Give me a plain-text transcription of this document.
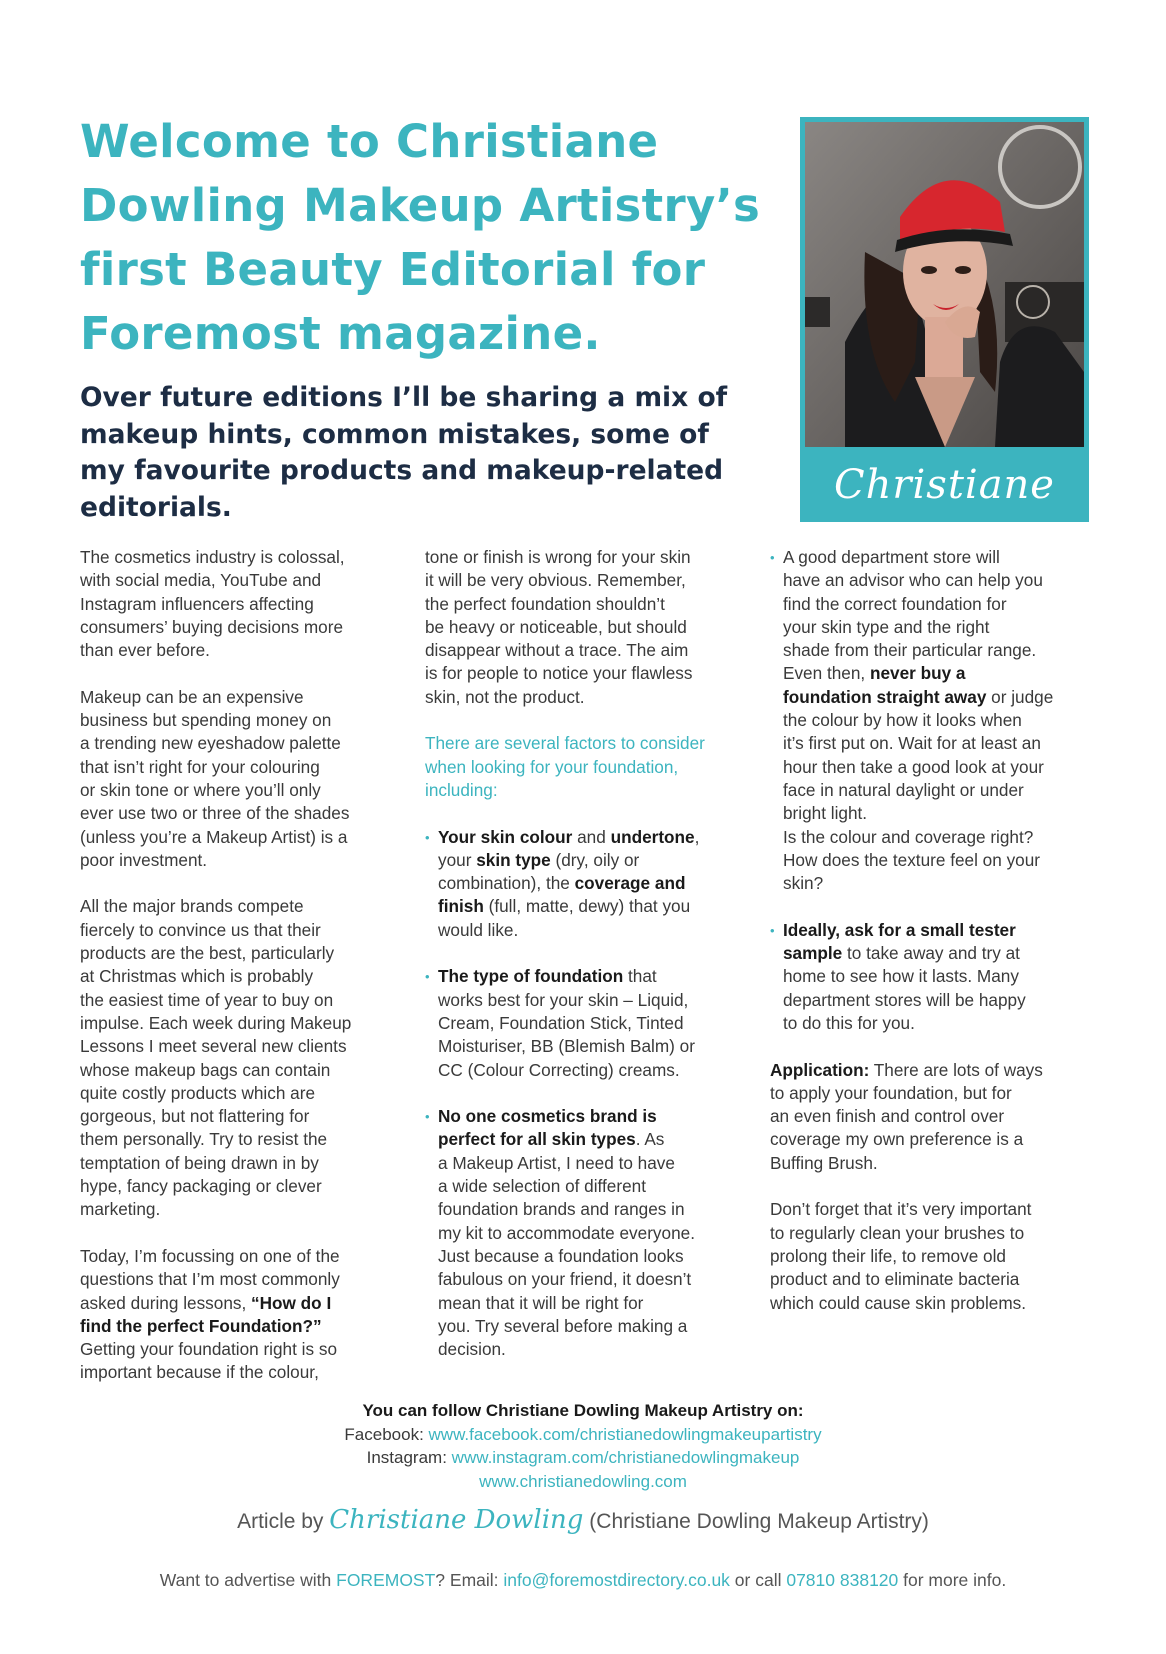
Welcome to Christiane
Dowling Makeup Artistry’s
first Beauty Editorial for
Foremost magazine.
Over future editions I’ll be sharing a mix of
makeup hints, common mistakes, some of
my favourite products and makeup-related
editorials.	Christiane
The cosmetics industry is colossal,
with social media, YouTube and
Instagram influencers affecting
consumers’ buying decisions more
than ever before.
Makeup can be an expensive
business but spending money on
a trending new eyeshadow palette
that isn’t right for your colouring
or skin tone or where you’ll only
ever use two or three of the shades
(unless you’re a Makeup Artist) is a
poor investment.
All the major brands compete
fiercely to convince us that their
products are the best, particularly
at Christmas which is probably
the easiest time of year to buy on
impulse. Each week during Makeup
Lessons I meet several new clients
whose makeup bags can contain
quite costly products which are
gorgeous, but not flattering for
them personally. Try to resist the
temptation of being drawn in by
hype, fancy packaging or clever
marketing.
Today, I’m focussing on one of the
questions that I’m most commonly
asked during lessons, “How do I
find the perfect Foundation?”
Getting your foundation right is so
important because if the colour,
tone or finish is wrong for your skin
it will be very obvious. Remember,
the perfect foundation shouldn’t
be heavy or noticeable, but should
disappear without a trace. The aim
is for people to notice your flawless
skin, not the product.
There are several factors to consider
when looking for your foundation,
including:
• Your skin colour and undertone,
your skin type (dry, oily or
combination), the coverage and
finish (full, matte, dewy) that you
would like.
• The type of foundation that
works best for your skin – Liquid,
Cream, Foundation Stick, Tinted
Moisturiser, BB (Blemish Balm) or
CC (Colour Correcting) creams.
• No one cosmetics brand is
perfect for all skin types. As
a Makeup Artist, I need to have
a wide selection of different
foundation brands and ranges in
my kit to accommodate everyone.
Just because a foundation looks
fabulous on your friend, it doesn’t
mean that it will be right for
you. Try several before making a
decision.
• A good department store will
have an advisor who can help you
find the correct foundation for
your skin type and the right
shade from their particular range.
Even then, never buy a
foundation straight away or judge
the colour by how it looks when
it’s first put on. Wait for at least an
hour then take a good look at your
face in natural daylight or under
bright light.
Is the colour and coverage right?
How does the texture feel on your
skin?
• Ideally, ask for a small tester
sample to take away and try at
home to see how it lasts. Many
department stores will be happy
to do this for you.
Application: There are lots of ways
to apply your foundation, but for
an even finish and control over
coverage my own preference is a
Buffing Brush.
Don’t forget that it’s very important
to regularly clean your brushes to
prolong their life, to remove old
product and to eliminate bacteria
which could cause skin problems.
You can follow Christiane Dowling Makeup Artistry on:
Facebook: www.facebook.com/christianedowlingmakeupartistry
Instagram: www.instagram.com/christianedowlingmakeup
www.christianedowling.com
Article by Christiane Dowling (Christiane Dowling Makeup Artistry)
Want to advertise with FOREMOST? Email: info@foremostdirectory.co.uk or call 07810 838120 for more info.
